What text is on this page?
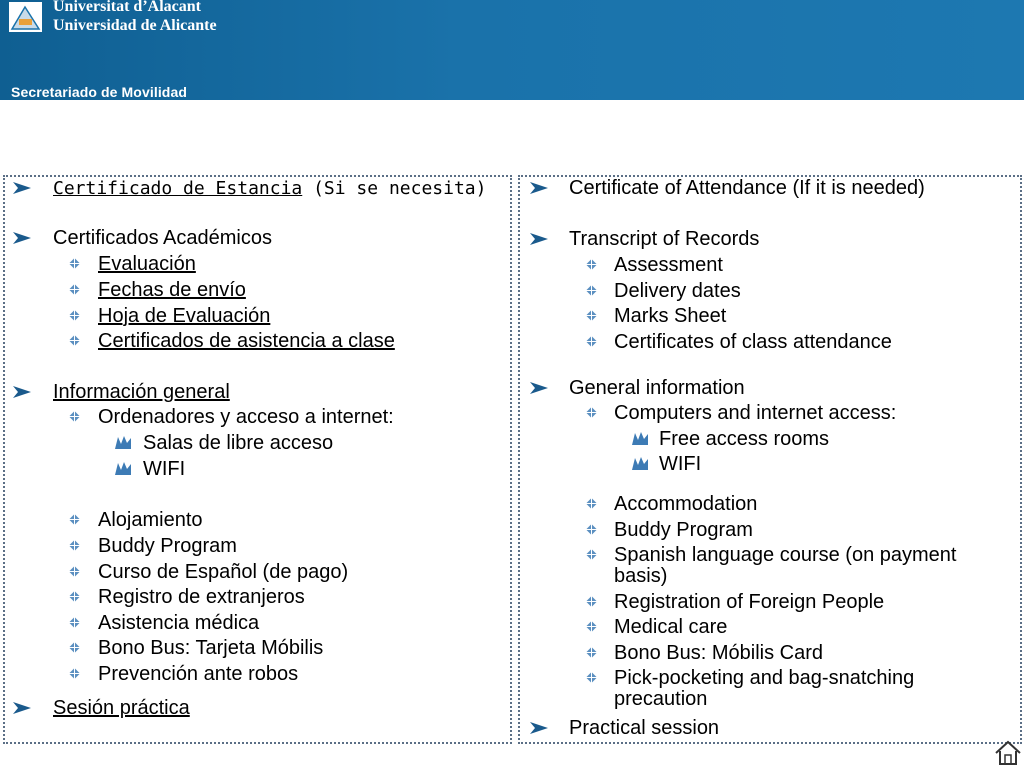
Universitat d’Alacant
Universidad de Alicante
Secretariado de Movilidad
Certificado de Estancia (Si se necesita)
Certificados Académicos
Evaluación
Fechas de envío
Hoja de Evaluación
Certificados de asistencia a clase
Información general
Ordenadores y acceso a internet:
Salas de libre acceso
WIFI
Alojamiento
Buddy Program
Curso de Español (de pago)
Registro de extranjeros
Asistencia médica
Bono Bus: Tarjeta Móbilis
Prevención ante robos
Sesión práctica
Certificate of Attendance (If it is needed)
Transcript of Records
Assessment
Delivery dates
Marks Sheet
Certificates of class attendance
General information
Computers and internet access:
Free access rooms
WIFI
Accommodation
Buddy Program
Spanish language course (on payment
basis)
Registration of Foreign People
Medical care
Bono Bus: Móbilis Card
Pick-pocketing and bag-snatching
precaution
Practical session
